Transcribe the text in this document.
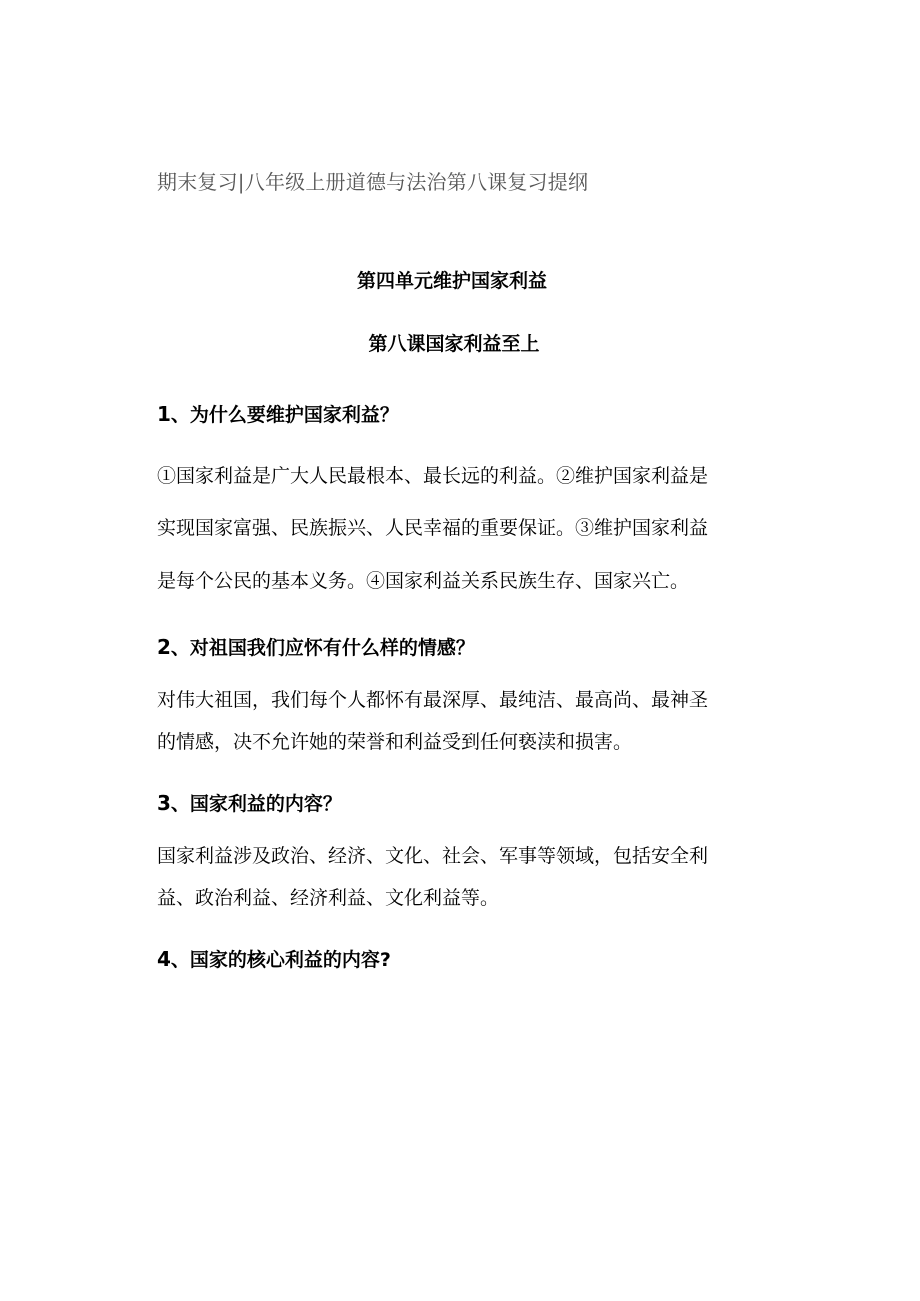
期末复习|八年级上册道德与法治第八课复习提纲
第四单元维护国家利益
第八课国家利益至上
1、为什么要维护国家利益？
①国家利益是广大人民最根本、最长远的利益。②维护国家利益是
实现国家富强、民族振兴、人民幸福的重要保证。③维护国家利益
是每个公民的基本义务。④国家利益关系民族生存、国家兴亡。
2、对祖国我们应怀有什么样的情感？
对伟大祖国，我们每个人都怀有最深厚、最纯洁、最高尚、最神圣
的情感，决不允许她的荣誉和利益受到任何亵渎和损害。
3、国家利益的内容？
国家利益涉及政治、经济、文化、社会、军事等领域，包括安全利
益、政治利益、经济利益、文化利益等。
4、国家的核心利益的内容?
